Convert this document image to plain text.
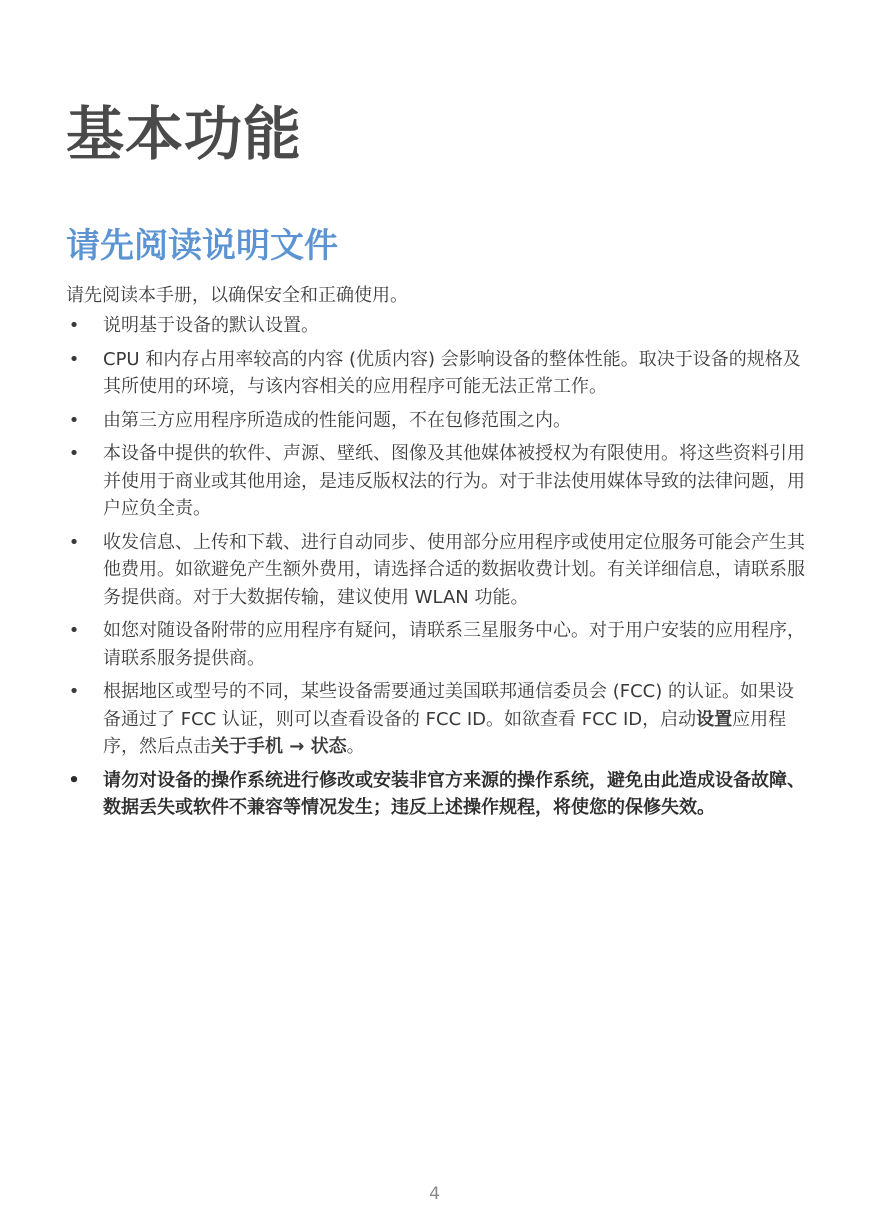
基本功能
请先阅读说明文件

请先阅读本手册，以确保安全和正确使用。

• 说明基于设备的默认设置。
• CPU 和内存占用率较高的内容 (优质内容) 会影响设备的整体性能。取决于设备的规格及其所使用的环境，与该内容相关的应用程序可能无法正常工作。
• 由第三方应用程序所造成的性能问题，不在包修范围之内。
• 本设备中提供的软件、声源、壁纸、图像及其他媒体被授权为有限使用。将这些资料引用并使用于商业或其他用途，是违反版权法的行为。对于非法使用媒体导致的法律问题，用户应负全责。
• 收发信息、上传和下载、进行自动同步、使用部分应用程序或使用定位服务可能会产生其他费用。如欲避免产生额外费用，请选择合适的数据收费计划。有关详细信息，请联系服务提供商。对于大数据传输，建议使用 WLAN 功能。
• 如您对随设备附带的应用程序有疑问，请联系三星服务中心。对于用户安装的应用程序，请联系服务提供商。
• 根据地区或型号的不同，某些设备需要通过美国联邦通信委员会 (FCC) 的认证。如果设备通过了 FCC 认证，则可以查看设备的 FCC ID。如欲查看 FCC ID，启动设置应用程序，然后点击关于手机 → 状态。
• 请勿对设备的操作系统进行修改或安装非官方来源的操作系统，避免由此造成设备故障、数据丢失或软件不兼容等情况发生；违反上述操作规程，将使您的保修失效。
4
